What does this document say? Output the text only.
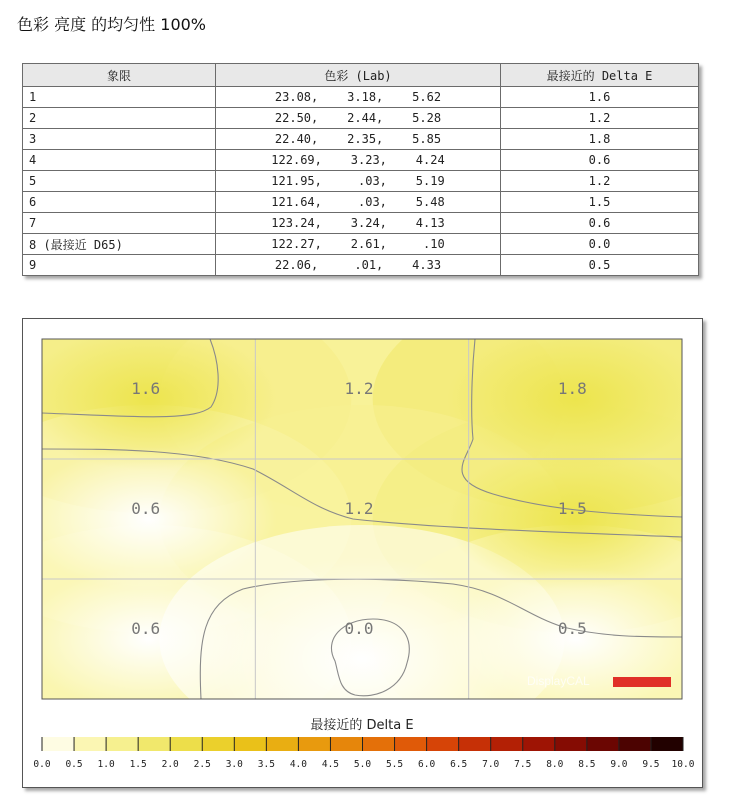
色彩 亮度 的均匀性 100%
象限	色彩 (Lab)	最接近的 Delta E
1	23.08,    3.18,    5.62	1.6
2	22.50,    2.44,    5.28	1.2
3	22.40,    2.35,    5.85	1.8
4	122.69,    3.23,    4.24	0.6
5	121.95,     .03,    5.19	1.2
6	121.64,     .03,    5.48	1.5
7	123.24,    3.24,    4.13	0.6
8 (最接近 D65)	122.27,    2.61,     .10	0.0
9	22.06,     .01,    4.33	0.5
1.6	1.2	1.8
0.6	1.2	1.5
0.6	0.0	0.5
DisplayCAL
最接近的 Delta E
0.0 0.5 1.0 1.5 2.0 2.5 3.0 3.5 4.0 4.5 5.0 5.5 6.0 6.5 7.0 7.5 8.0 8.5 9.0 9.5 10.0
